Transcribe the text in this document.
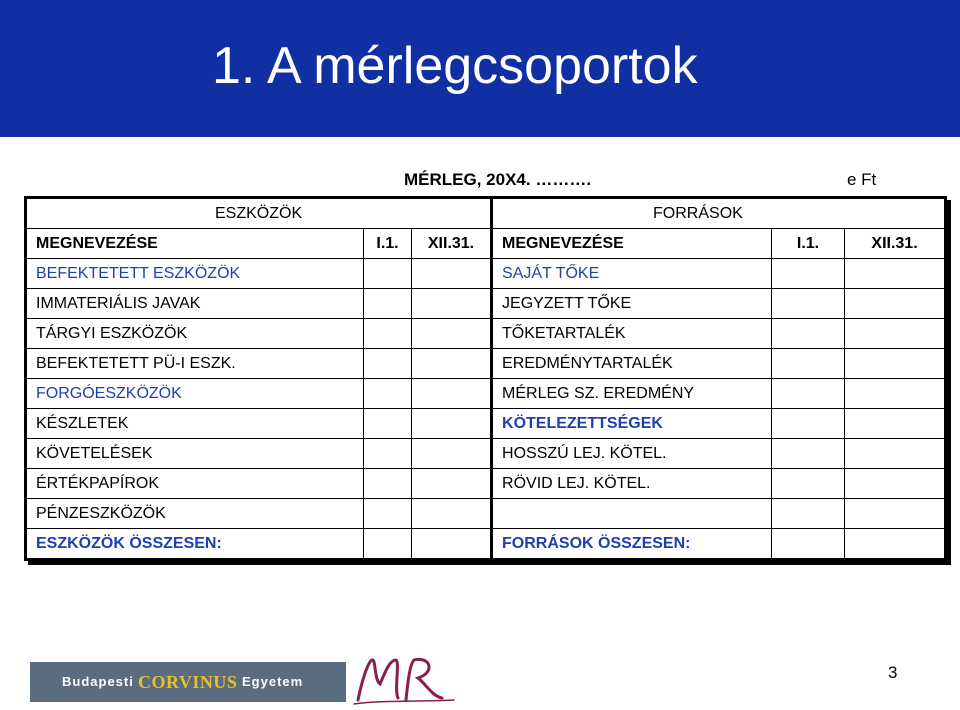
1. A mérlegcsoportok
MÉRLEG, 20X4. ……….	e Ft
ESZKÖZÖK			FORRÁSOK		
MEGNEVEZÉSE	I.1.	XII.31.	MEGNEVEZÉSE	I.1.	XII.31.
BEFEKTETETT ESZKÖZÖK			SAJÁT TŐKE		
IMMATERIÁLIS JAVAK			JEGYZETT TŐKE		
TÁRGYI ESZKÖZÖK			TŐKETARTALÉK		
BEFEKTETETT PÜ-I ESZK.			EREDMÉNYTARTALÉK		
FORGÓESZKÖZÖK			MÉRLEG SZ. EREDMÉNY		
KÉSZLETEK			KÖTELEZETTSÉGEK		
KÖVETELÉSEK			HOSSZÚ LEJ. KÖTEL.		
ÉRTÉKPAPÍROK			RÖVID LEJ. KÖTEL.		
PÉNZESZKÖZÖK					
ESZKÖZÖK ÖSSZESEN:			FORRÁSOK ÖSSZESEN:		
Budapesti CORVINUS Egyetem	3
